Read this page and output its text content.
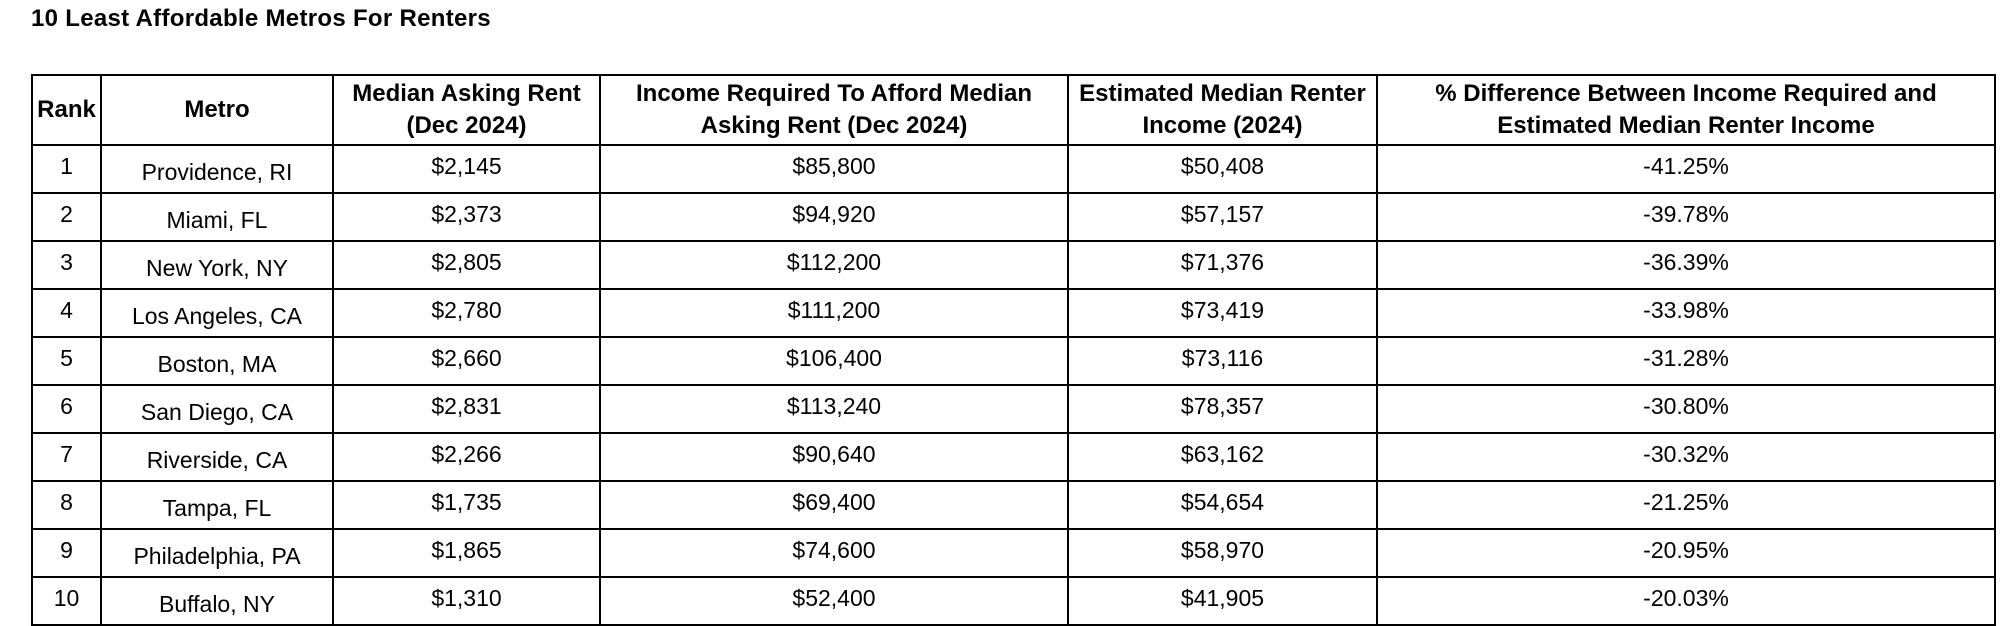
10 Least Affordable Metros For Renters
Rank	Metro	Median Asking Rent (Dec 2024)	Income Required To Afford Median Asking Rent (Dec 2024)	Estimated Median Renter Income (2024)	% Difference Between Income Required and Estimated Median Renter Income
1	Providence, RI	$2,145	$85,800	$50,408	-41.25%
2	Miami, FL	$2,373	$94,920	$57,157	-39.78%
3	New York, NY	$2,805	$112,200	$71,376	-36.39%
4	Los Angeles, CA	$2,780	$111,200	$73,419	-33.98%
5	Boston, MA	$2,660	$106,400	$73,116	-31.28%
6	San Diego, CA	$2,831	$113,240	$78,357	-30.80%
7	Riverside, CA	$2,266	$90,640	$63,162	-30.32%
8	Tampa, FL	$1,735	$69,400	$54,654	-21.25%
9	Philadelphia, PA	$1,865	$74,600	$58,970	-20.95%
10	Buffalo, NY	$1,310	$52,400	$41,905	-20.03%
